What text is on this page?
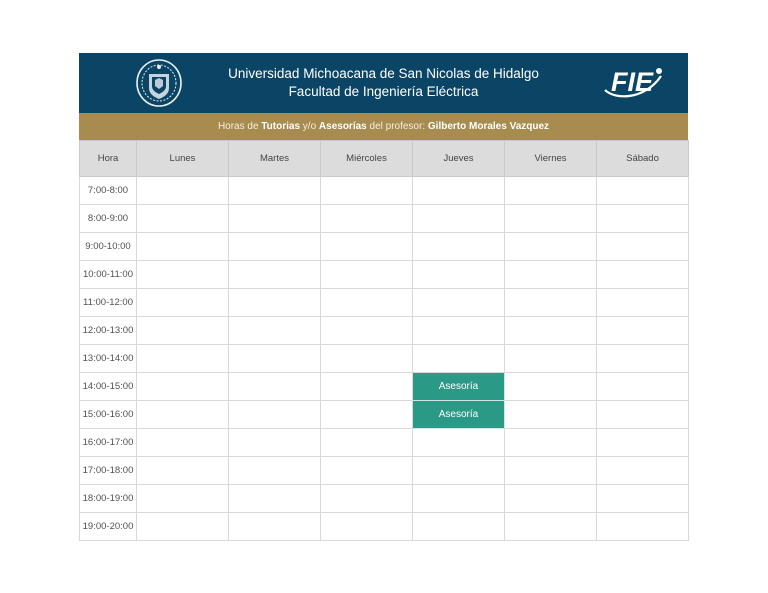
Universidad Michoacana de San Nicolas de Hidalgo
Facultad de Ingeniería Eléctrica	FIE
Horas de Tutorias y/o Asesorías del profesor: Gilberto Morales Vazquez
Hora	Lunes	Martes	Miércoles	Jueves	Viernes	Sábado
7:00-8:00						
8:00-9:00						
9:00-10:00						
10:00-11:00						
11:00-12:00						
12:00-13:00						
13:00-14:00						
14:00-15:00				Asesoría		
15:00-16:00				Asesoría		
16:00-17:00						
17:00-18:00						
18:00-19:00						
19:00-20:00						
